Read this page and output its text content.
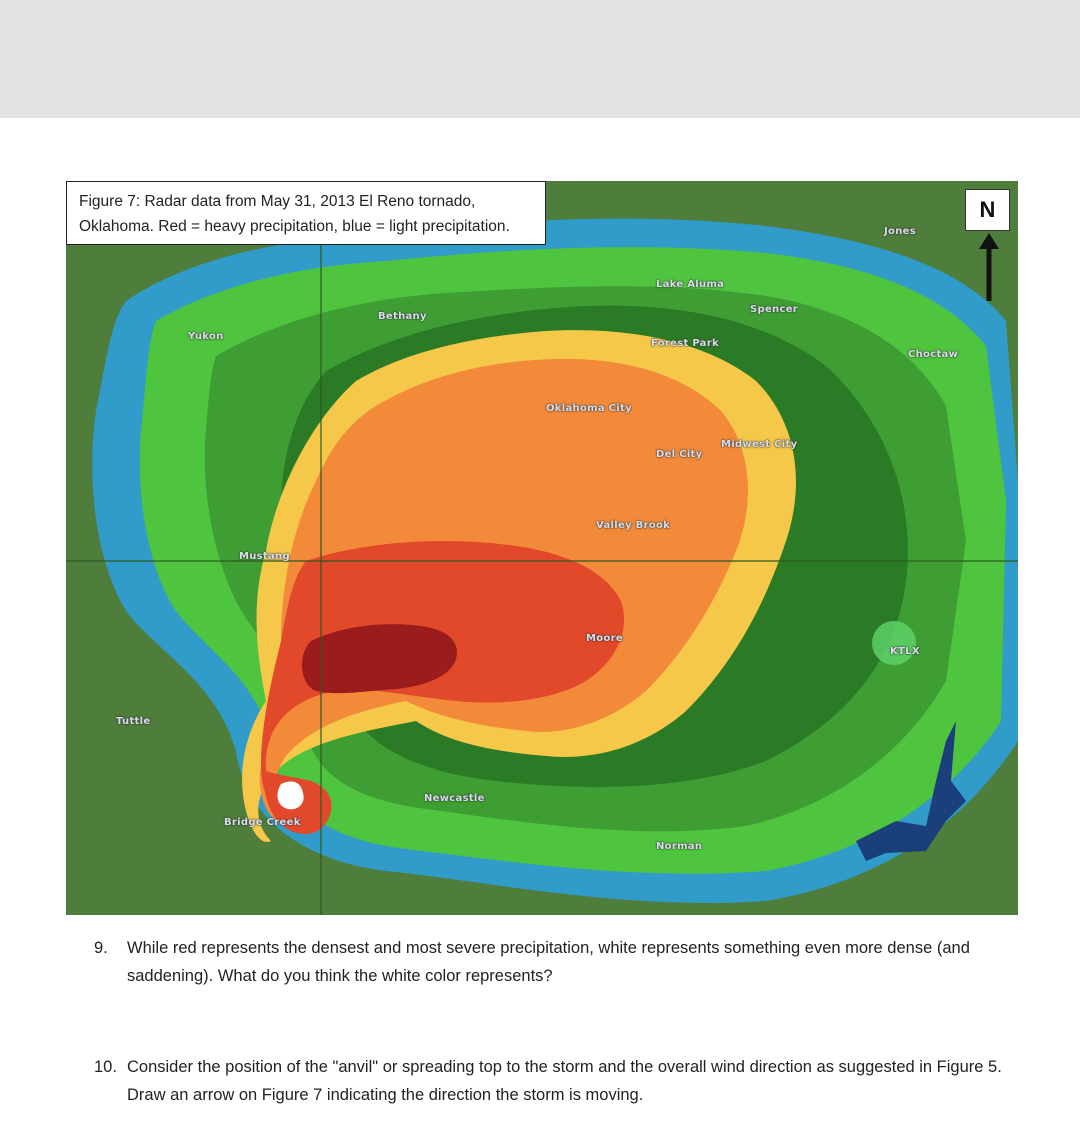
Yukon
Bethany
Lake Aluma
Forest Park
Spencer
Jones
Oklahoma City
Del City
Midwest City
Choctaw
Valley Brook
Mustang
Moore
KTLX
Tuttle
Newcastle
Bridge Creek
Norman
Figure 7: Radar data from May 31, 2013 El Reno tornado,
Oklahoma. Red = heavy precipitation, blue = light precipitation.
N
9. While red represents the densest and most severe precipitation, white represents something even more dense (and saddening). What do you think the white color represents?
10. Consider the position of the "anvil" or spreading top to the storm and the overall wind direction as suggested in Figure 5. Draw an arrow on Figure 7 indicating the direction the storm is moving.
